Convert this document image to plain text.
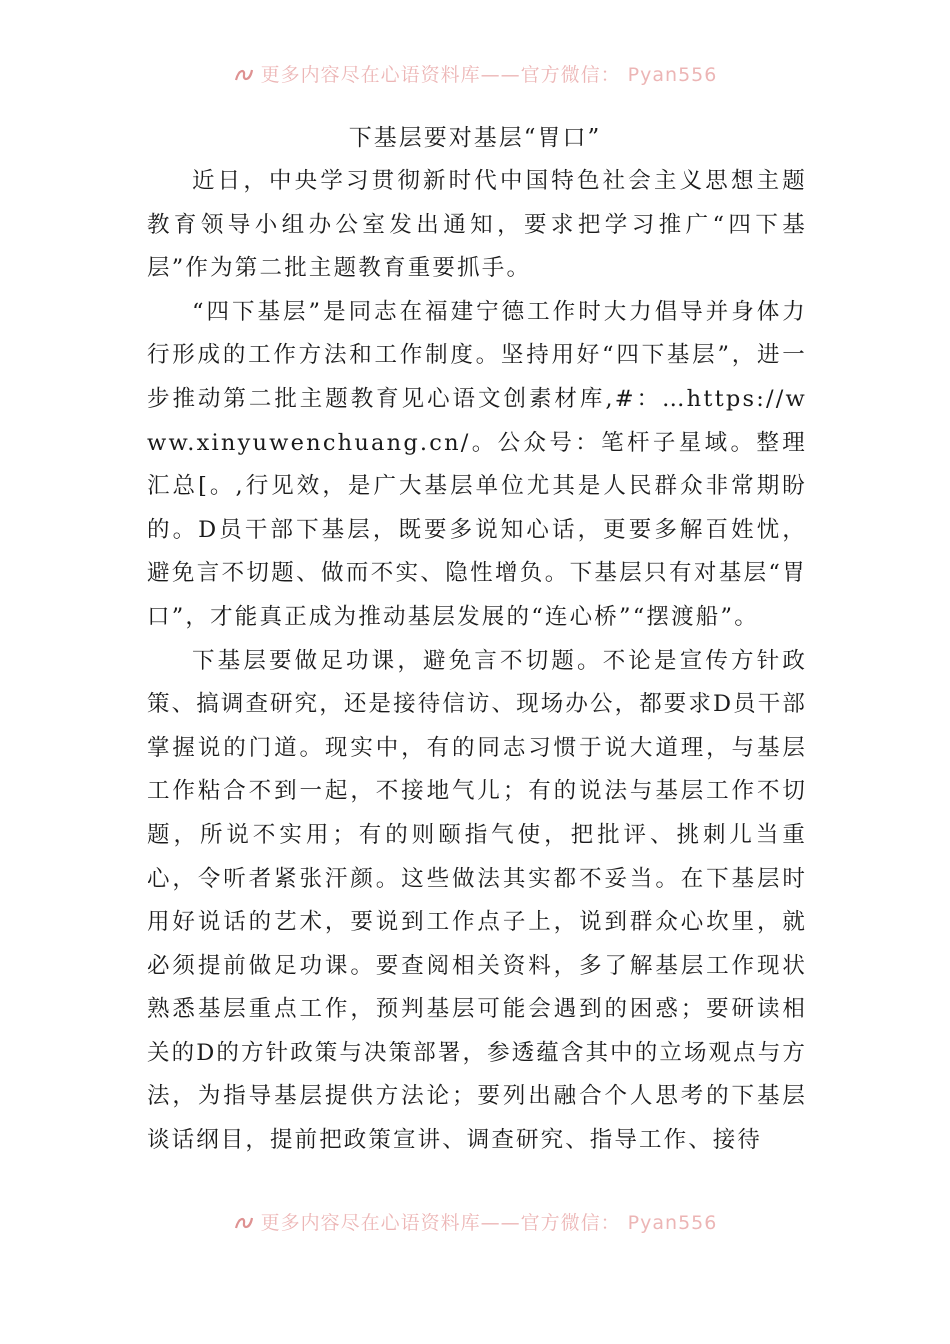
更多内容尽在心语资料库——官方微信： Pyan556
下基层要对基层“胃口”

近日，中央学习贯彻新时代中国特色社会主义思想主题教育领导小组办公室发出通知，要求把学习推广“四下基层”作为第二批主题教育重要抓手。

“四下基层”是同志在福建宁德工作时大力倡导并身体力行形成的工作方法和工作制度。坚持用好“四下基层”，进一步推动第二批主题教育见心语文创素材库,#：…https://www.xinyuwenchuang.cn/。公众号：笔杆子星域。整理汇总[。,行见效，是广大基层单位尤其是人民群众非常期盼的。D员干部下基层，既要多说知心话，更要多解百姓忧，避免言不切题、做而不实、隐性增负。下基层只有对基层“胃口”，才能真正成为推动基层发展的“连心桥”“摆渡船”。

下基层要做足功课，避免言不切题。不论是宣传方针政策、搞调查研究，还是接待信访、现场办公，都要求D员干部掌握说的门道。现实中，有的同志习惯于说大道理，与基层工作粘合不到一起，不接地气儿；有的说法与基层工作不切题，所说不实用；有的则颐指气使，把批评、挑刺儿当重心，令听者紧张汗颜。这些做法其实都不妥当。在下基层时用好说话的艺术，要说到工作点子上，说到群众心坎里，就必须提前做足功课。要查阅相关资料，多了解基层工作现状熟悉基层重点工作，预判基层可能会遇到的困惑；要研读相关的D的方针政策与决策部署，参透蕴含其中的立场观点与方法，为指导基层提供方法论；要列出融合个人思考的下基层谈话纲目，提前把政策宣讲、调查研究、指导工作、接待

更多内容尽在心语资料库——官方微信： Pyan556
